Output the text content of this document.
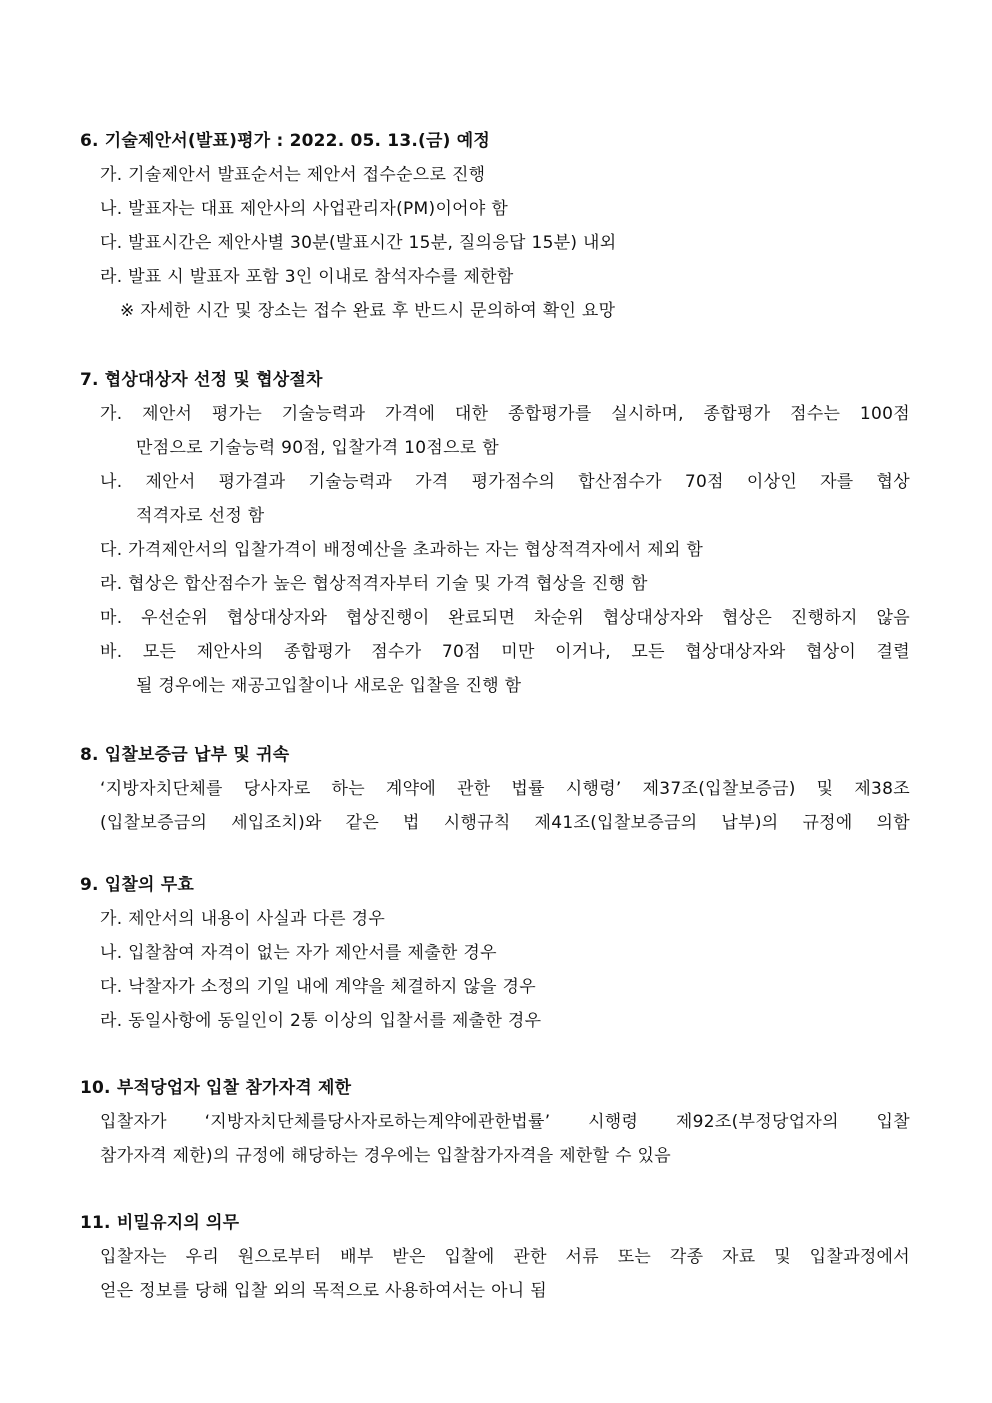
6. 기술제안서(발표)평가 : 2022. 05. 13.(금) 예정
가. 기술제안서 발표순서는 제안서 접수순으로 진행
나. 발표자는 대표 제안사의 사업관리자(PM)이어야 함
다. 발표시간은 제안사별 30분(발표시간 15분, 질의응답 15분) 내외
라. 발표 시 발표자 포함 3인 이내로 참석자수를 제한함
※ 자세한 시간 및 장소는 접수 완료 후 반드시 문의하여 확인 요망
7. 협상대상자 선정 및 협상절차
가. 제안서 평가는 기술능력과 가격에 대한 종합평가를 실시하며, 종합평가 점수는 100점
만점으로 기술능력 90점, 입찰가격 10점으로 함
나. 제안서 평가결과 기술능력과 가격 평가점수의 합산점수가 70점 이상인 자를 협상
적격자로 선정 함
다. 가격제안서의 입찰가격이 배정예산을 초과하는 자는 협상적격자에서 제외 함
라. 협상은 합산점수가 높은 협상적격자부터 기술 및 가격 협상을 진행 함
마. 우선순위 협상대상자와 협상진행이 완료되면 차순위 협상대상자와 협상은 진행하지 않음
바. 모든 제안사의 종합평가 점수가 70점 미만 이거나, 모든 협상대상자와 협상이 결렬
될 경우에는 재공고입찰이나 새로운 입찰을 진행 함
8. 입찰보증금 납부 및 귀속
‘지방자치단체를 당사자로 하는 계약에 관한 법률 시행령’ 제37조(입찰보증금) 및 제38조
(입찰보증금의 세입조치)와 같은 법 시행규칙 제41조(입찰보증금의 납부)의 규정에 의함
9. 입찰의 무효
가. 제안서의 내용이 사실과 다른 경우
나. 입찰참여 자격이 없는 자가 제안서를 제출한 경우
다. 낙찰자가 소정의 기일 내에 계약을 체결하지 않을 경우
라. 동일사항에 동일인이 2통 이상의 입찰서를 제출한 경우
10. 부적당업자 입찰 참가자격 제한
입찰자가 ‘지방자치단체를당사자로하는계약에관한법률’ 시행령 제92조(부정당업자의 입찰
참가자격 제한)의 규정에 해당하는 경우에는 입찰참가자격을 제한할 수 있음
11. 비밀유지의 의무
입찰자는 우리 원으로부터 배부 받은 입찰에 관한 서류 또는 각종 자료 및 입찰과정에서
얻은 정보를 당해 입찰 외의 목적으로 사용하여서는 아니 됨
